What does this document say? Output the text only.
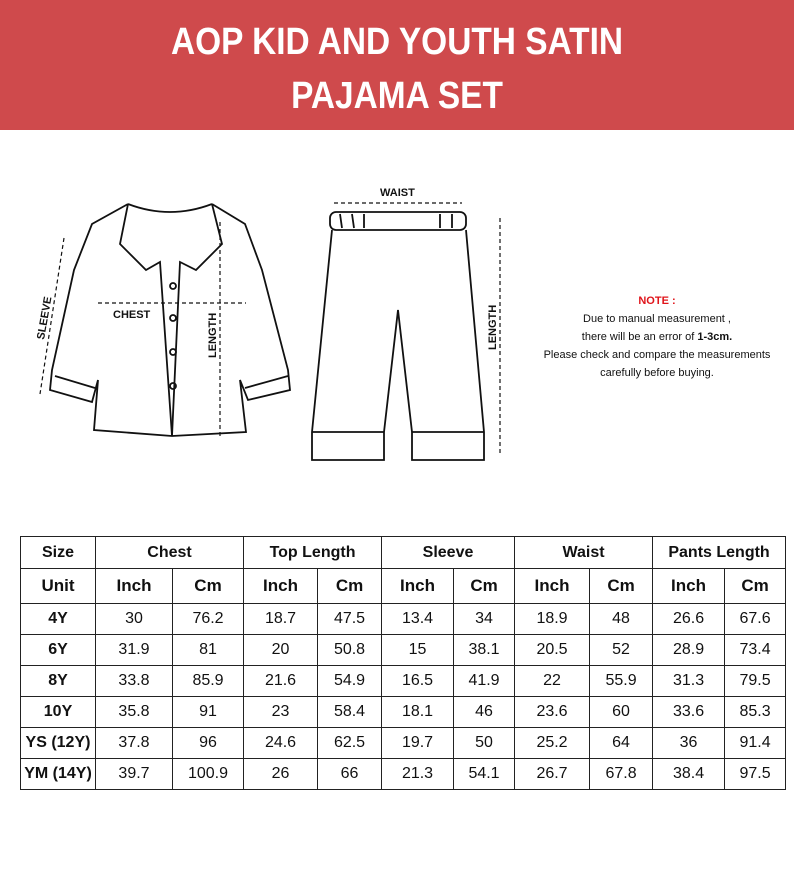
AOP KID AND YOUTH SATIN
PAJAMA SET
CHEST	LENGTH
SLEEVE
WAIST
LENGTH
NOTE :
Due to manual measurement ,
there will be an error of 1-3cm.
Please check and compare the measurements
carefully before buying.
Size	Chest		Top Length		Sleeve		Waist		Pants Length	
Unit	Inch	Cm	Inch	Cm	Inch	Cm	Inch	Cm	Inch	Cm
4Y	30	76.2	18.7	47.5	13.4	34	18.9	48	26.6	67.6
6Y	31.9	81	20	50.8	15	38.1	20.5	52	28.9	73.4
8Y	33.8	85.9	21.6	54.9	16.5	41.9	22	55.9	31.3	79.5
10Y	35.8	91	23	58.4	18.1	46	23.6	60	33.6	85.3
YS (12Y)	37.8	96	24.6	62.5	19.7	50	25.2	64	36	91.4
YM (14Y)	39.7	100.9	26	66	21.3	54.1	26.7	67.8	38.4	97.5
